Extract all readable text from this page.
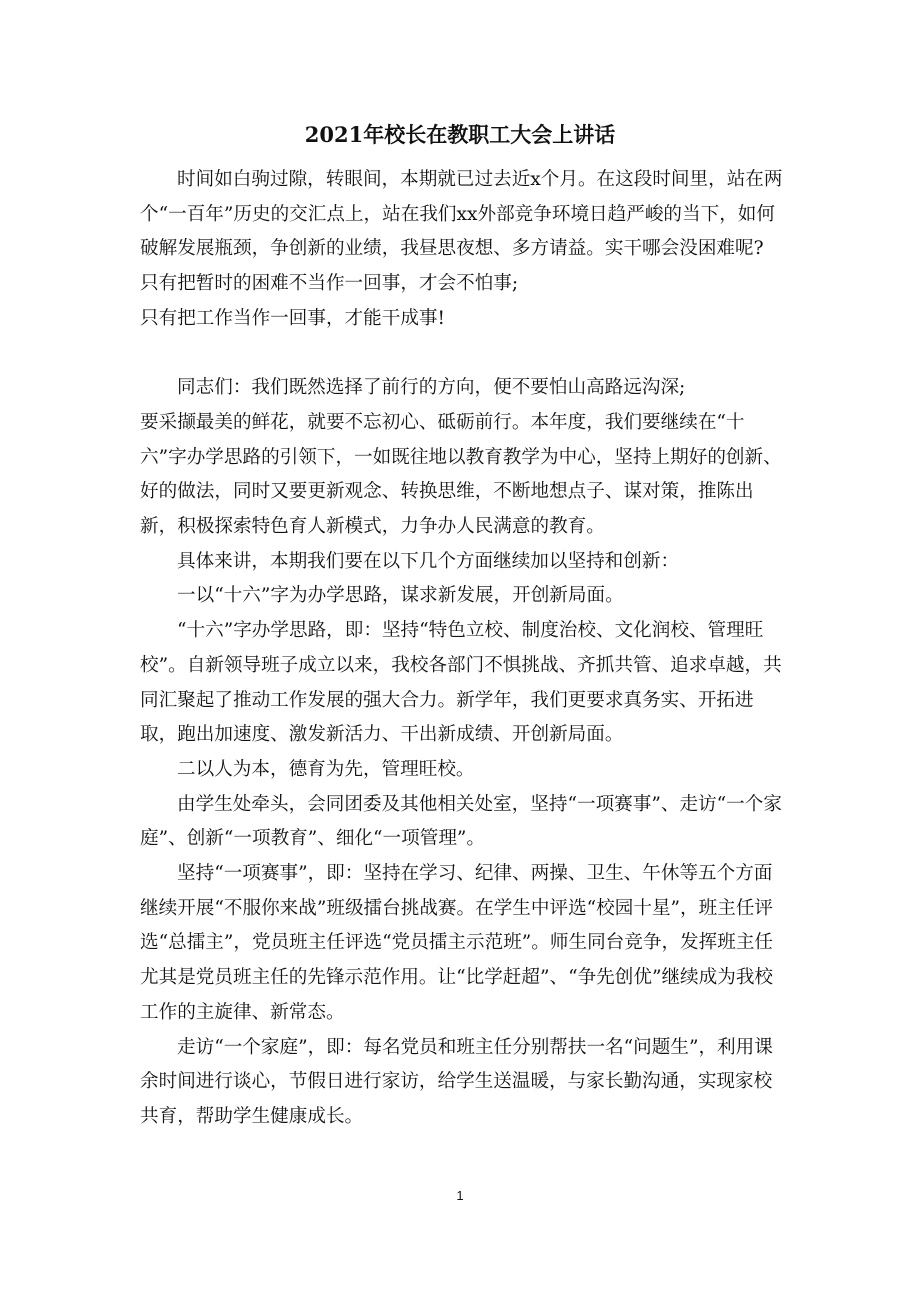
2021年校长在教职工大会上讲话

时间如白驹过隙，转眼间，本期就已过去近x个月。在这段时间里，站在两个“一百年”历史的交汇点上，站在我们xx外部竞争环境日趋严峻的当下，如何破解发展瓶颈，争创新的业绩，我昼思夜想、多方请益。实干哪会没困难呢?

只有把暂时的困难不当作一回事，才会不怕事;

只有把工作当作一回事，才能干成事!

同志们：我们既然选择了前行的方向，便不要怕山高路远沟深;

要采撷最美的鲜花，就要不忘初心、砥砺前行。本年度，我们要继续在“十六”字办学思路的引领下，一如既往地以教育教学为中心，坚持上期好的创新、好的做法，同时又要更新观念、转换思维，不断地想点子、谋对策，推陈出新，积极探索特色育人新模式，力争办人民满意的教育。

具体来讲，本期我们要在以下几个方面继续加以坚持和创新：

一以“十六”字为办学思路，谋求新发展，开创新局面。

“十六”字办学思路，即：坚持“特色立校、制度治校、文化润校、管理旺校”。自新领导班子成立以来，我校各部门不惧挑战、齐抓共管、追求卓越，共同汇聚起了推动工作发展的强大合力。新学年，我们更要求真务实、开拓进取，跑出加速度、激发新活力、干出新成绩、开创新局面。

二以人为本，德育为先，管理旺校。

由学生处牵头，会同团委及其他相关处室，坚持“一项赛事”、走访“一个家庭”、创新“一项教育”、细化“一项管理”。

坚持“一项赛事”，即：坚持在学习、纪律、两操、卫生、午休等五个方面继续开展“不服你来战”班级擂台挑战赛。在学生中评选“校园十星”，班主任评选“总擂主”，党员班主任评选“党员擂主示范班”。师生同台竞争，发挥班主任尤其是党员班主任的先锋示范作用。让“比学赶超”、“争先创优”继续成为我校工作的主旋律、新常态。

走访“一个家庭”，即：每名党员和班主任分别帮扶一名“问题生”，利用课余时间进行谈心，节假日进行家访，给学生送温暖，与家长勤沟通，实现家校共育，帮助学生健康成长。

1
